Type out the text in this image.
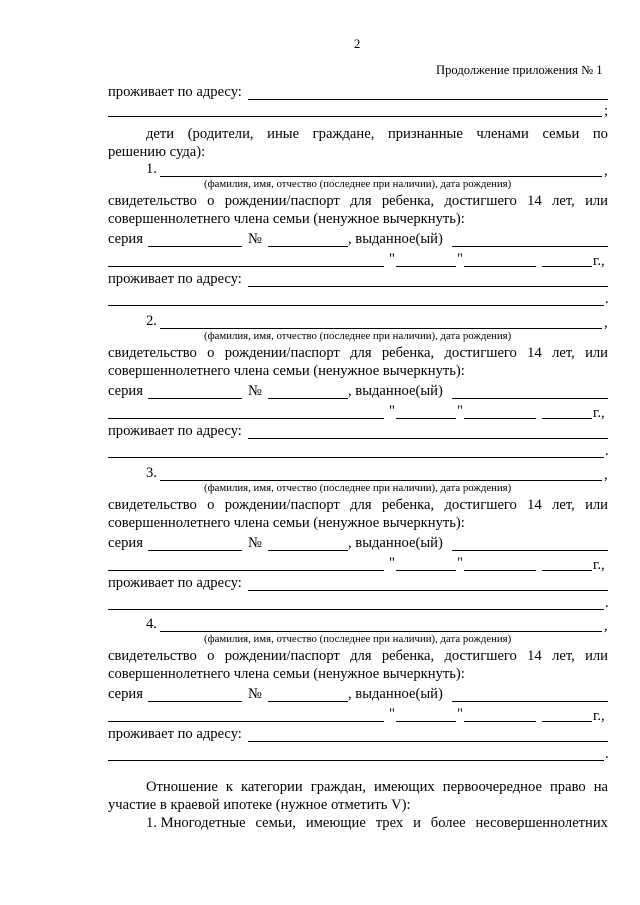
2
Продолжение приложения № 1
проживает по адресу:
;
дети (родители, иные граждане, признанные членами семьи по
решению суда):
1.	,
(фамилия, имя, отчество (последнее при наличии), дата рождения)
свидетельство о рождении/паспорт для ребенка, достигшего 14 лет, или
совершеннолетнего члена семьи (ненужное вычеркнуть):
серия	№	, выданное(ый)
"	"	г.,
проживает по адресу:
.
2.	,
(фамилия, имя, отчество (последнее при наличии), дата рождения)
свидетельство о рождении/паспорт для ребенка, достигшего 14 лет, или
совершеннолетнего члена семьи (ненужное вычеркнуть):
серия	№	, выданное(ый)
"	"	г.,
проживает по адресу:
.
3.	,
(фамилия, имя, отчество (последнее при наличии), дата рождения)
свидетельство о рождении/паспорт для ребенка, достигшего 14 лет, или
совершеннолетнего члена семьи (ненужное вычеркнуть):
серия	№	, выданное(ый)
"	"	г.,
проживает по адресу:
.
4.	,
(фамилия, имя, отчество (последнее при наличии), дата рождения)
свидетельство о рождении/паспорт для ребенка, достигшего 14 лет, или
совершеннолетнего члена семьи (ненужное вычеркнуть):
серия	№	, выданное(ый)
"	"	г.,
проживает по адресу:
.
Отношение к категории граждан, имеющих первоочередное право на
участие в краевой ипотеке (нужное отметить V):
1. Многодетные семьи, имеющие трех и более несовершеннолетних
